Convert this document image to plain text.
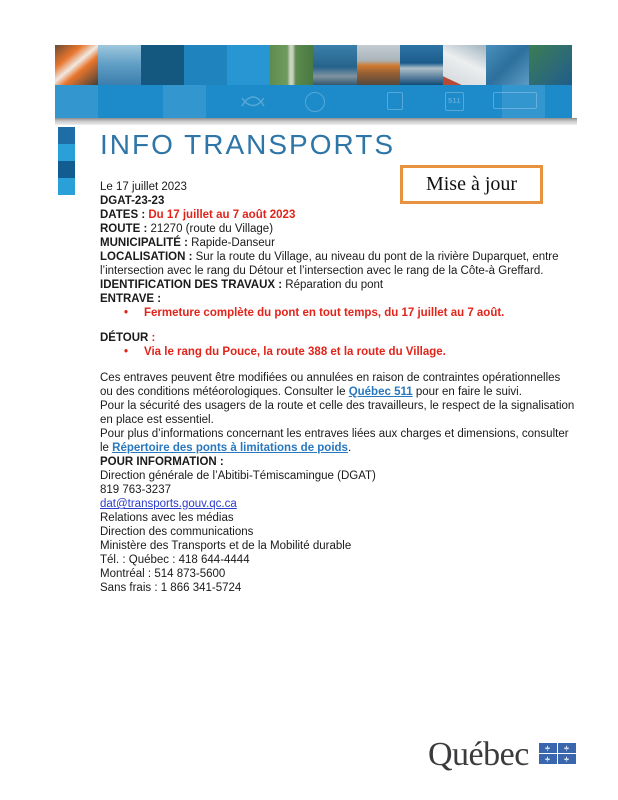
511
INFO TRANSPORTS
Mise à jour

Le 17 juillet 2023

DGAT-23-23

DATES : Du 17 juillet au 7 août 2023

ROUTE : 21270 (route du Village)

MUNICIPALITÉ : Rapide-Danseur

LOCALISATION : Sur la route du Village, au niveau du pont de la rivière Duparquet, entre l’intersection avec le rang du Détour et l’intersection avec le rang de la Côte-à Greffard.

IDENTIFICATION DES TRAVAUX : Réparation du pont

ENTRAVE :

• Fermeture complète du pont en tout temps, du 17 juillet au 7 août.

DÉTOUR :

• Via le rang du Pouce, la route 388 et la route du Village.

Ces entraves peuvent être modifiées ou annulées en raison de contraintes opérationnelles ou des conditions météorologiques. Consulter le Québec 511 pour en faire le suivi.

Pour la sécurité des usagers de la route et celle des travailleurs, le respect de la signalisation en place est essentiel.

Pour plus d’informations concernant les entraves liées aux charges et dimensions, consulter le Répertoire des ponts à limitations de poids.

POUR INFORMATION :

Direction générale de l’Abitibi-Témiscamingue (DGAT)

819 763-3237

dat@transports.gouv.qc.ca

Relations avec les médias
Direction des communications
Ministère des Transports et de la Mobilité durable
Tél. : Québec : 418 644-4444
Montréal : 514 873-5600
Sans frais : 1 866 341-5724
Québec
